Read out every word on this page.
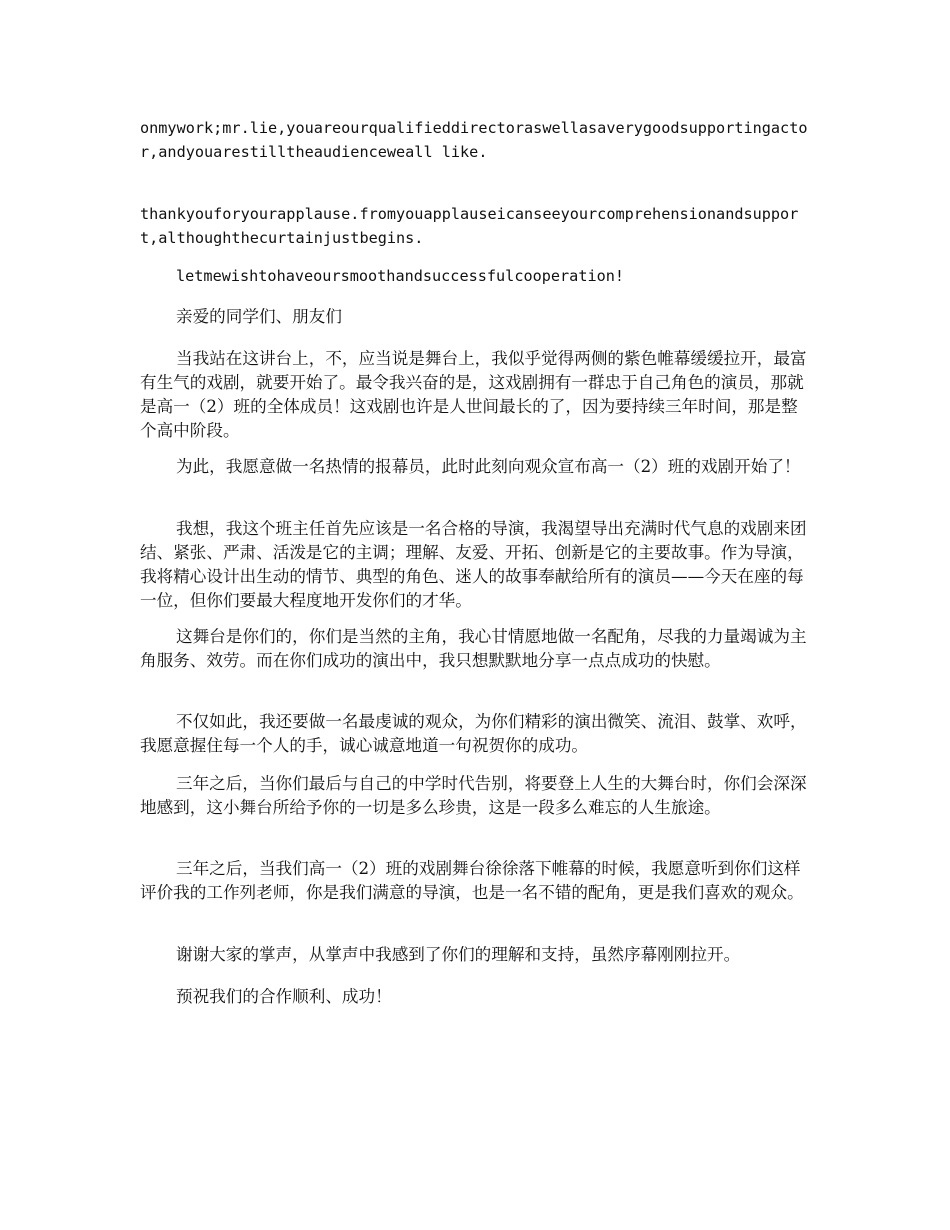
onmywork;mr.lie,youareourqualifieddirectoraswellasaverygoodsupportingactor,andyouarestilltheaudienceweall like.

thankyouforyourapplause.fromyouapplauseicanseeyourcomprehensionandsupport,althoughthecurtainjustbegins.

letmewishtohaveoursmoothandsuccessfulcooperation!

亲爱的同学们、朋友们

当我站在这讲台上，不，应当说是舞台上，我似乎觉得两侧的紫色帷幕缓缓拉开，最富有生气的戏剧，就要开始了。最令我兴奋的是，这戏剧拥有一群忠于自己角色的演员，那就是高一（2）班的全体成员！这戏剧也许是人世间最长的了，因为要持续三年时间，那是整个高中阶段。

为此，我愿意做一名热情的报幕员，此时此刻向观众宣布高一（2）班的戏剧开始了！

我想，我这个班主任首先应该是一名合格的导演，我渴望导出充满时代气息的戏剧来团结、紧张、严肃、活泼是它的主调；理解、友爱、开拓、创新是它的主要故事。作为导演，我将精心设计出生动的情节、典型的角色、迷人的故事奉献给所有的演员——今天在座的每一位，但你们要最大程度地开发你们的才华。

这舞台是你们的，你们是当然的主角，我心甘情愿地做一名配角，尽我的力量竭诚为主角服务、效劳。而在你们成功的演出中，我只想默默地分享一点点成功的快慰。

不仅如此，我还要做一名最虔诚的观众，为你们精彩的演出微笑、流泪、鼓掌、欢呼，我愿意握住每一个人的手，诚心诚意地道一句祝贺你的成功。

三年之后，当你们最后与自己的中学时代告别，将要登上人生的大舞台时，你们会深深地感到，这小舞台所给予你的一切是多么珍贵，这是一段多么难忘的人生旅途。

三年之后，当我们高一（2）班的戏剧舞台徐徐落下帷幕的时候，我愿意听到你们这样评价我的工作列老师，你是我们满意的导演，也是一名不错的配角，更是我们喜欢的观众。

谢谢大家的掌声，从掌声中我感到了你们的理解和支持，虽然序幕刚刚拉开。

预祝我们的合作顺利、成功！
